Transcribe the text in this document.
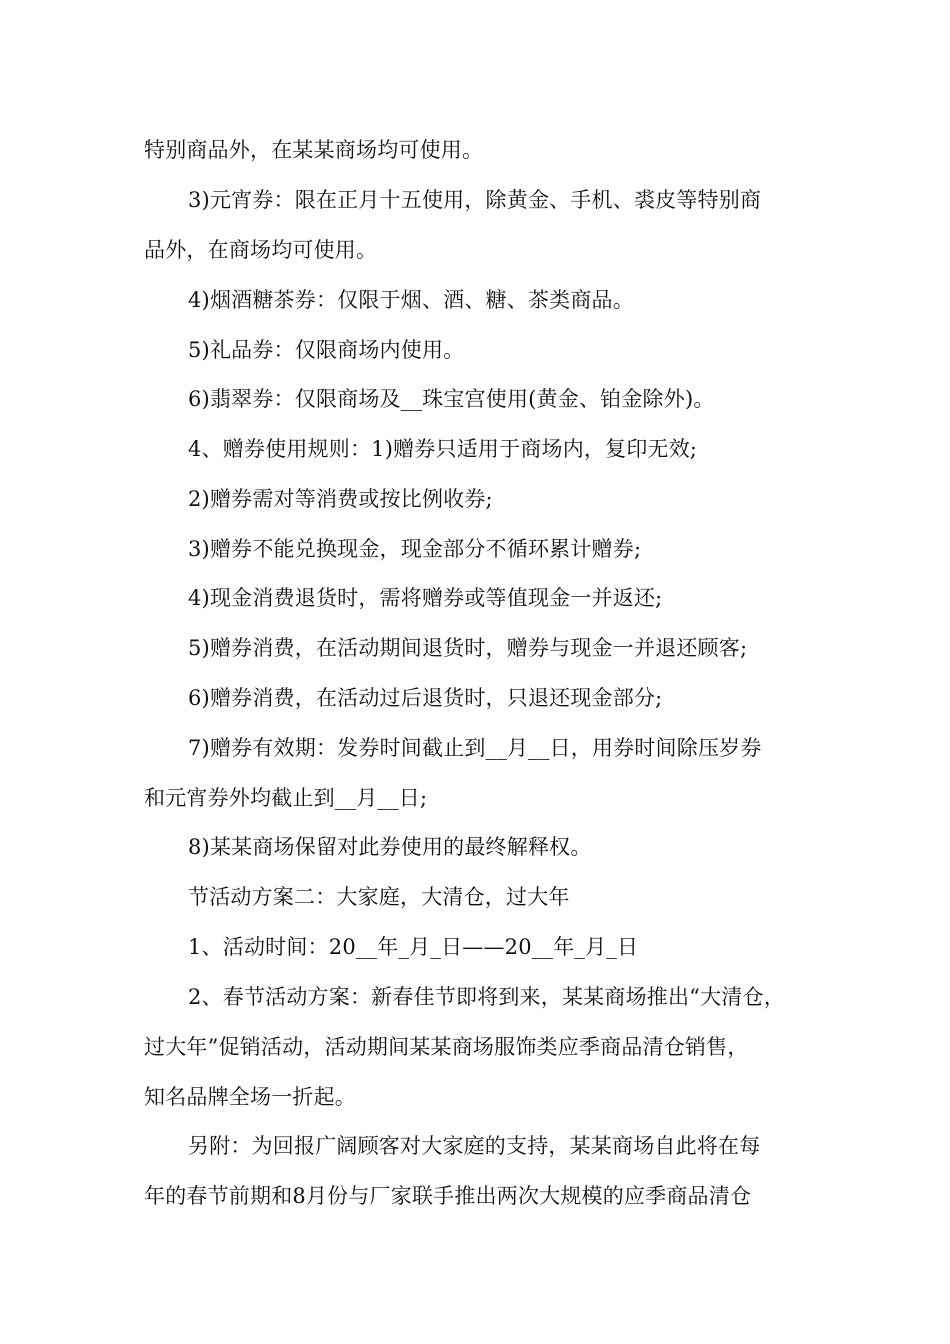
特别商品外，在某某商场均可使用。

3)元宵券：限在正月十五使用，除黄金、手机、裘皮等特别商

品外，在商场均可使用。

4)烟酒糖茶券：仅限于烟、酒、糖、茶类商品。

5)礼品券：仅限商场内使用。

6)翡翠券：仅限商场及__珠宝宫使用(黄金、铂金除外)。

4、赠券使用规则：1)赠券只适用于商场内，复印无效;

2)赠券需对等消费或按比例收券;

3)赠券不能兑换现金，现金部分不循环累计赠券;

4)现金消费退货时，需将赠券或等值现金一并返还;

5)赠券消费，在活动期间退货时，赠券与现金一并退还顾客;

6)赠券消费，在活动过后退货时，只退还现金部分;

7)赠券有效期：发券时间截止到__月__日，用券时间除压岁券

和元宵券外均截止到__月__日;

8)某某商场保留对此券使用的最终解释权。

节活动方案二：大家庭，大清仓，过大年

1、活动时间：20__年_月_日——20__年_月_日

2、春节活动方案：新春佳节即将到来，某某商场推出“大清仓，

过大年”促销活动，活动期间某某商场服饰类应季商品清仓销售，

知名品牌全场一折起。

另附：为回报广阔顾客对大家庭的支持，某某商场自此将在每

年的春节前期和8月份与厂家联手推出两次大规模的应季商品清仓
